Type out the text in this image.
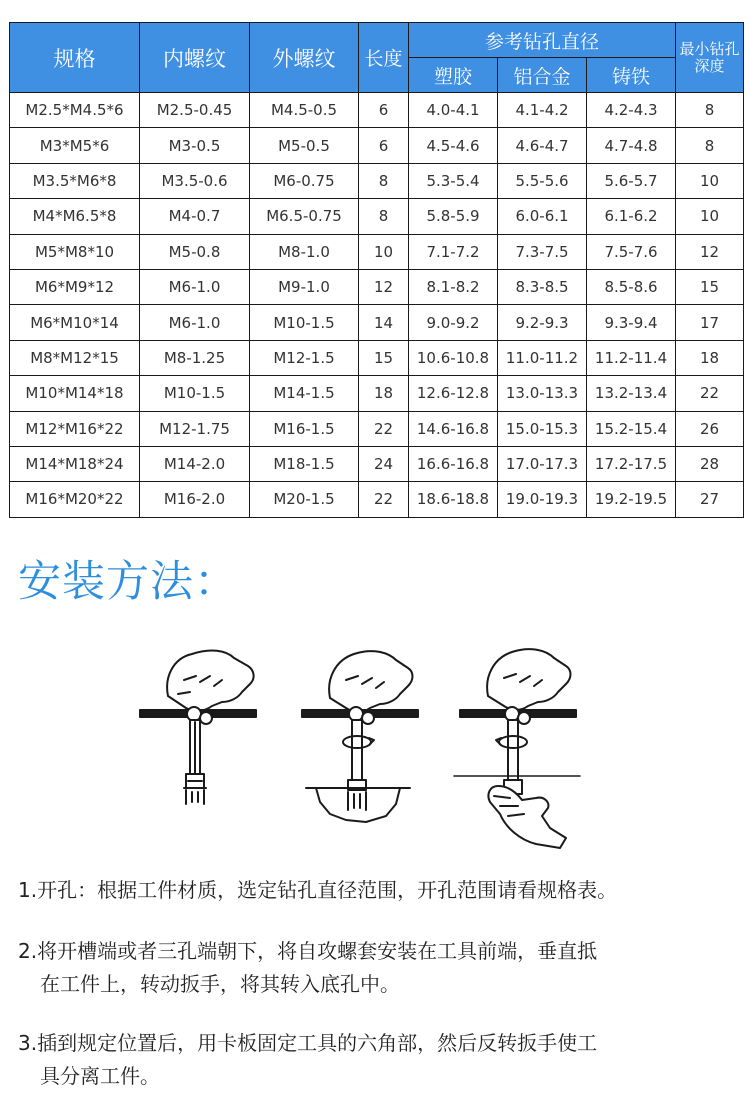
规格	内螺纹	外螺纹	长度	参考钻孔直径			最小钻孔深度
				塑胶	铝合金	铸铁	
M2.5*M4.5*6	M2.5-0.45	M4.5-0.5	6	4.0-4.1	4.1-4.2	4.2-4.3	8
M3*M5*6	M3-0.5	M5-0.5	6	4.5-4.6	4.6-4.7	4.7-4.8	8
M3.5*M6*8	M3.5-0.6	M6-0.75	8	5.3-5.4	5.5-5.6	5.6-5.7	10
M4*M6.5*8	M4-0.7	M6.5-0.75	8	5.8-5.9	6.0-6.1	6.1-6.2	10
M5*M8*10	M5-0.8	M8-1.0	10	7.1-7.2	7.3-7.5	7.5-7.6	12
M6*M9*12	M6-1.0	M9-1.0	12	8.1-8.2	8.3-8.5	8.5-8.6	15
M6*M10*14	M6-1.0	M10-1.5	14	9.0-9.2	9.2-9.3	9.3-9.4	17
M8*M12*15	M8-1.25	M12-1.5	15	10.6-10.8	11.0-11.2	11.2-11.4	18
M10*M14*18	M10-1.5	M14-1.5	18	12.6-12.8	13.0-13.3	13.2-13.4	22
M12*M16*22	M12-1.75	M16-1.5	22	14.6-16.8	15.0-15.3	15.2-15.4	26
M14*M18*24	M14-2.0	M18-1.5	24	16.6-16.8	17.0-17.3	17.2-17.5	28
M16*M20*22	M16-2.0	M20-1.5	22	18.6-18.8	19.0-19.3	19.2-19.5	27
安装方法：

1.开孔：根据工件材质，选定钻孔直径范围，开孔范围请看规格表。

2.将开槽端或者三孔端朝下，将自攻螺套安装在工具前端，垂直抵
在工件上，转动扳手，将其转入底孔中。

3.插到规定位置后，用卡板固定工具的六角部，然后反转扳手使工
具分离工件。
